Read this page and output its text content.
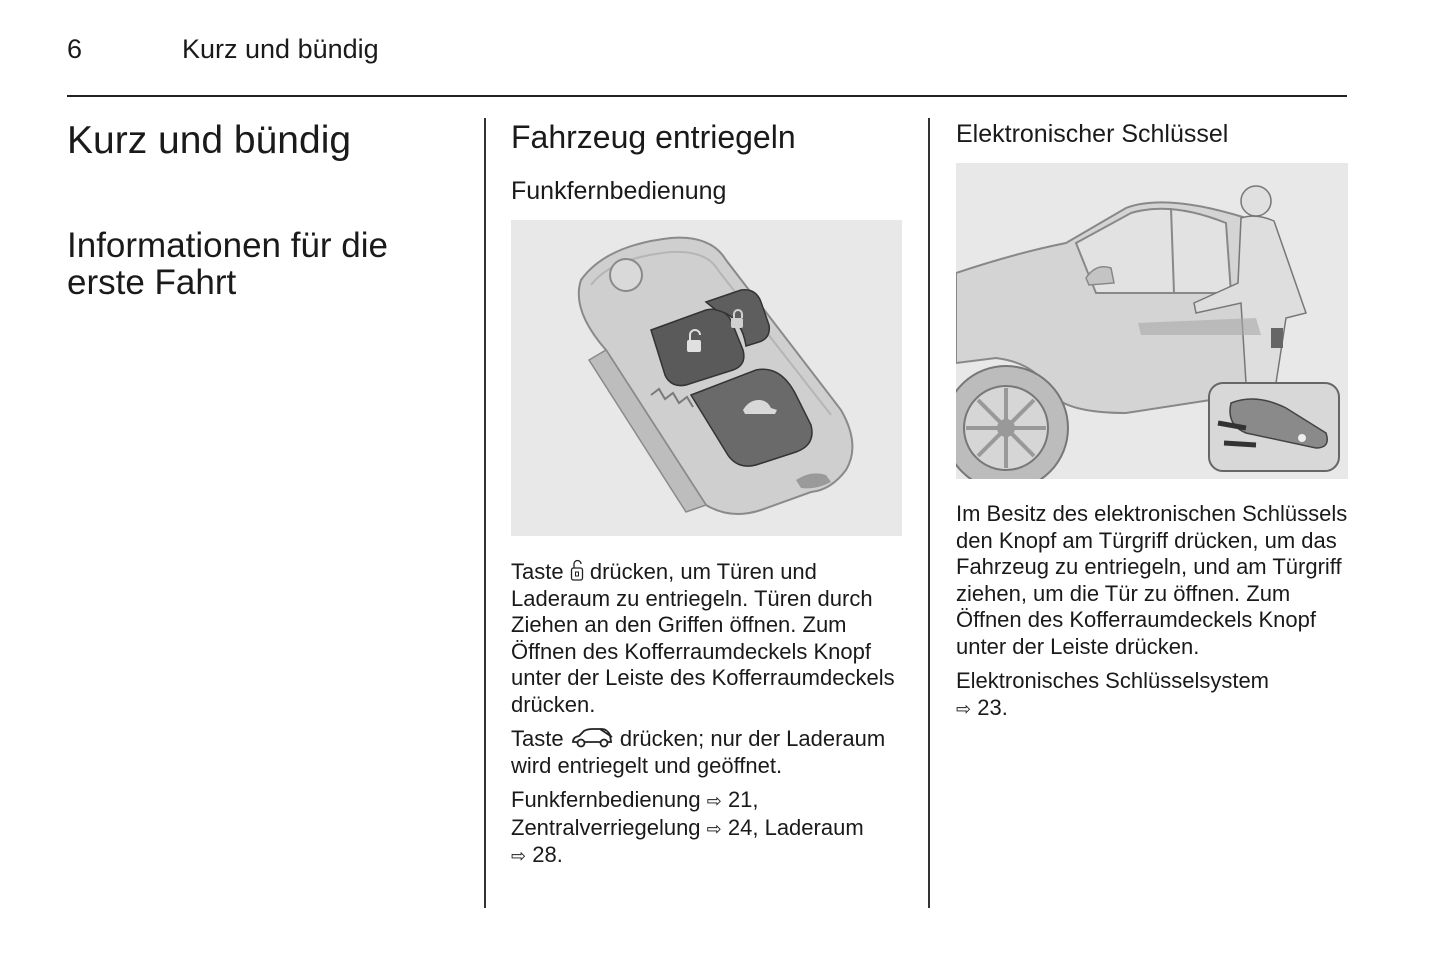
6	Kurz und bündig
Kurz und bündig
Informationen für die
erste Fahrt
Fahrzeug entriegeln
Funkfernbedienung

Taste drücken, um Türen und Laderaum zu entriegeln. Türen durch Ziehen an den Griffen öffnen. Zum Öffnen des Kofferraumdeckels Knopf unter der Leiste des Kofferraumdeckels drücken.

Taste	drücken; nur der Laderaum wird entriegelt und geöffnet.

Funkfernbedienung ⇨ 21, Zentralverriegelung ⇨ 24, Laderaum
⇨ 28.

Elektronischer Schlüssel

Im Besitz des elektronischen Schlüssels den Knopf am Türgriff drücken, um das Fahrzeug zu entriegeln, und am Türgriff ziehen, um die Tür zu öffnen. Zum Öffnen des Kofferraumdeckels Knopf unter der Leiste drücken.

Elektronisches Schlüsselsystem
⇨ 23.
